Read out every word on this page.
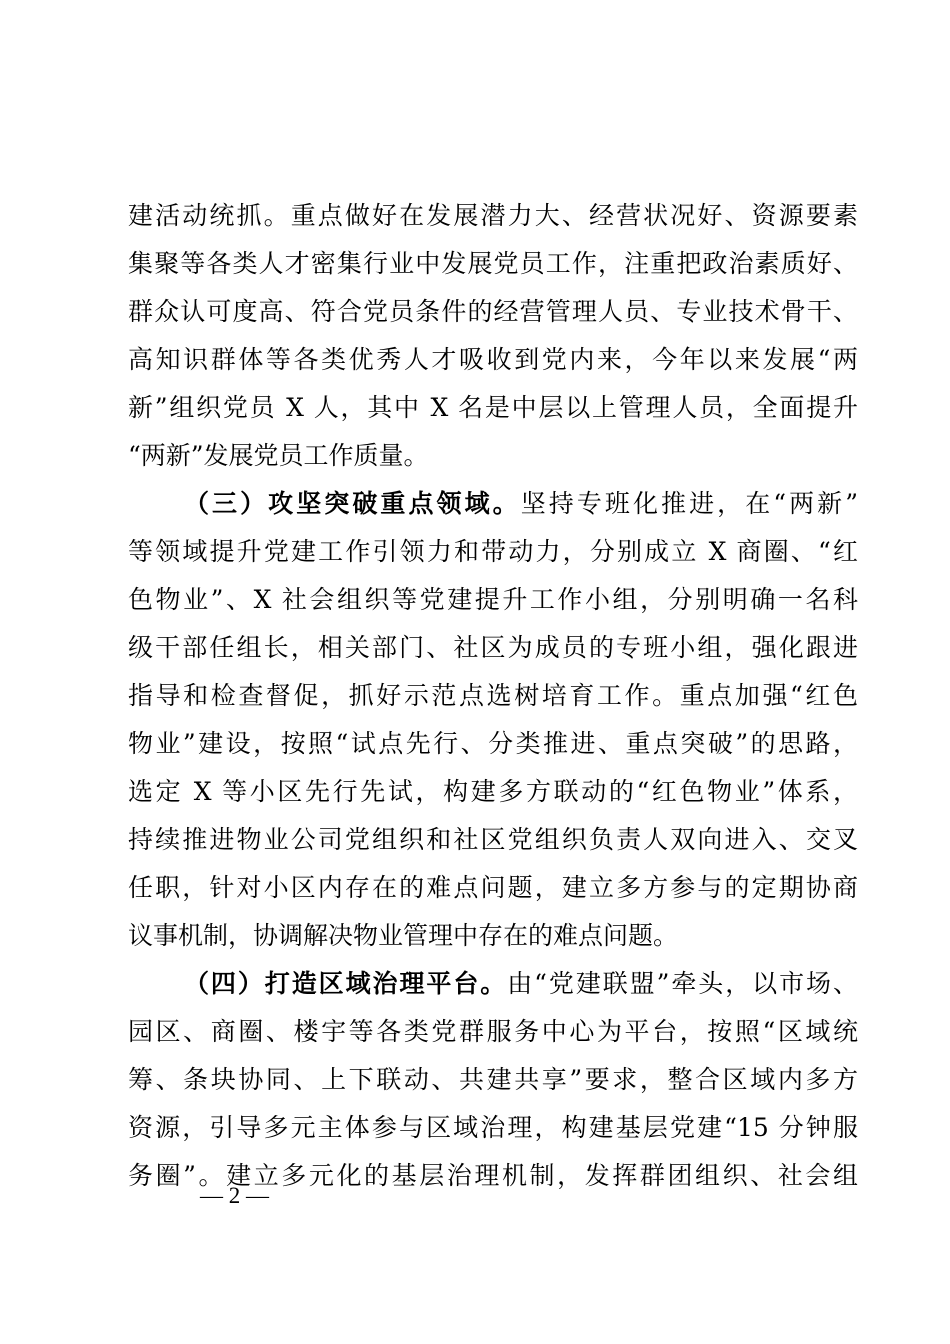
建活动统抓。重点做好在发展潜力大、经营状况好、资源要素
集聚等各类人才密集行业中发展党员工作，注重把政治素质好、
群众认可度高、符合党员条件的经营管理人员、专业技术骨干、
高知识群体等各类优秀人才吸收到党内来，今年以来发展“两
新”组织党员 X 人，其中 X 名是中层以上管理人员，全面提升
“两新”发展党员工作质量。
（三）攻坚突破重点领域。坚持专班化推进，在“两新”
等领域提升党建工作引领力和带动力，分别成立 X 商圈、“红
色物业”、X 社会组织等党建提升工作小组，分别明确一名科
级干部任组长，相关部门、社区为成员的专班小组，强化跟进
指导和检查督促，抓好示范点选树培育工作。重点加强“红色
物业”建设，按照“试点先行、分类推进、重点突破”的思路，
选定 X 等小区先行先试，构建多方联动的“红色物业”体系，
持续推进物业公司党组织和社区党组织负责人双向进入、交叉
任职，针对小区内存在的难点问题，建立多方参与的定期协商
议事机制，协调解决物业管理中存在的难点问题。
（四）打造区域治理平台。由“党建联盟”牵头，以市场、
园区、商圈、楼宇等各类党群服务中心为平台，按照“区域统
筹、条块协同、上下联动、共建共享”要求，整合区域内多方
资源，引导多元主体参与区域治理，构建基层党建“15 分钟服
务圈”。建立多元化的基层治理机制，发挥群团组织、社会组
— 2 —
